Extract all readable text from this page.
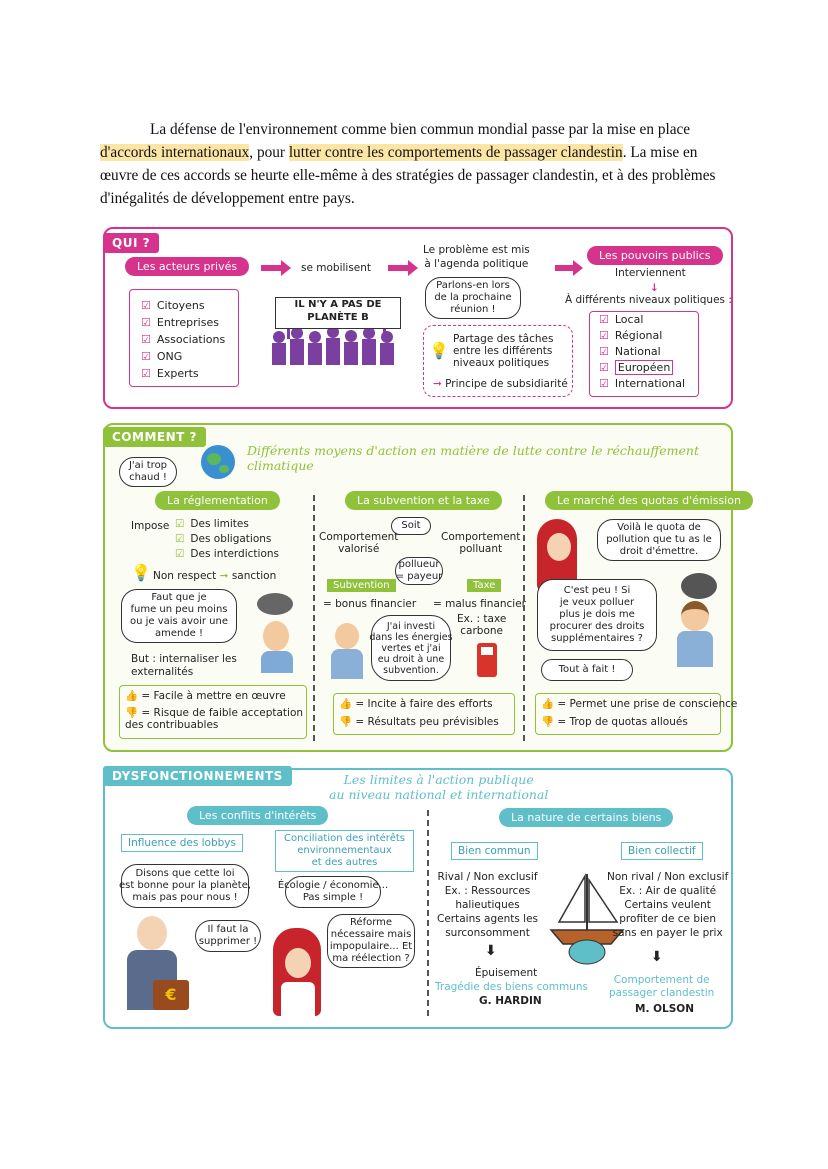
La défense de l'environnement comme bien commun mondial passe par la mise en place d'accords internationaux, pour lutter contre les comportements de passager clandestin. La mise en œuvre de ces accords se heurte elle-même à des stratégies de passager clandestin, et à des problèmes d'inégalités de développement entre pays.

QUI ?
Les acteurs privés	se mobilisent
Le problème est mis
à l'agenda politique
Les pouvoirs publics
Interviennent
↓
À différents niveaux politiques :
☑ Citoyens
☑ Entreprises
☑ Associations
☑ ONG
☑ Experts
IL N'Y A PAS DE
PLANÈTE B
Parlons-en lors
de la prochaine
réunion !
💡
Partage des tâches
entre les différents
niveaux politiques
➞ Principe de subsidiarité
☑ Local
☑ Régional
☑ National
☑ Européen
☑ International
COMMENT ?
J'ai trop
chaud !
Différents moyens d'action en matière de lutte contre le réchauffement climatique
La réglementation
Impose ☑ Des limites
☑ Des obligations
☑ Des interdictions
💡 Non respect ➞ sanction
Faut que je
fume un peu moins
ou je vais avoir une
amende !
But : internaliser les
externalités
👍 = Facile à mettre en œuvre
👎 = Risque de faible acceptation
des contribuables
La subvention et la taxe
Soit
Comportement
valorisé
Comportement
polluant
pollueur
= payeur
Subvention	Taxe
= bonus financier = malus financier
Ex. : taxe
carbone
J'ai investi
dans les énergies
vertes et j'ai
eu droit à une
subvention.
👍 = Incite à faire des efforts
👎 = Résultats peu prévisibles
Le marché des quotas d'émission
Voilà le quota de
pollution que tu as le
droit d'émettre.
C'est peu ! Si
je veux polluer
plus je dois me
procurer des droits
supplémentaires ?
Tout à fait !
👍 = Permet une prise de conscience
👎 = Trop de quotas alloués
DYSFONCTIONNEMENTS	Les limites à l'action publique
au niveau national et international
Les conflits d'intérêts
Influence des lobbys	Conciliation des intérêts
environnementaux
et des autres
Disons que cette loi
est bonne pour la planète,
mais pas pour nous !
Il faut la
supprimer !
€
Écologie / économie...
Pas simple !
Réforme
nécessaire mais
impopulaire... Et
ma réélection ?
La nature de certains biens
Bien commun
Rival / Non exclusif
Ex. : Ressources
halieutiques
Certains agents les
surconsomment
⬇
Épuisement
Tragédie des biens communs
G. HARDIN
Bien collectif
Non rival / Non exclusif
Ex. : Air de qualité
Certains veulent
profiter de ce bien
sans en payer le prix
⬇
Comportement de
passager clandestin
M. OLSON
